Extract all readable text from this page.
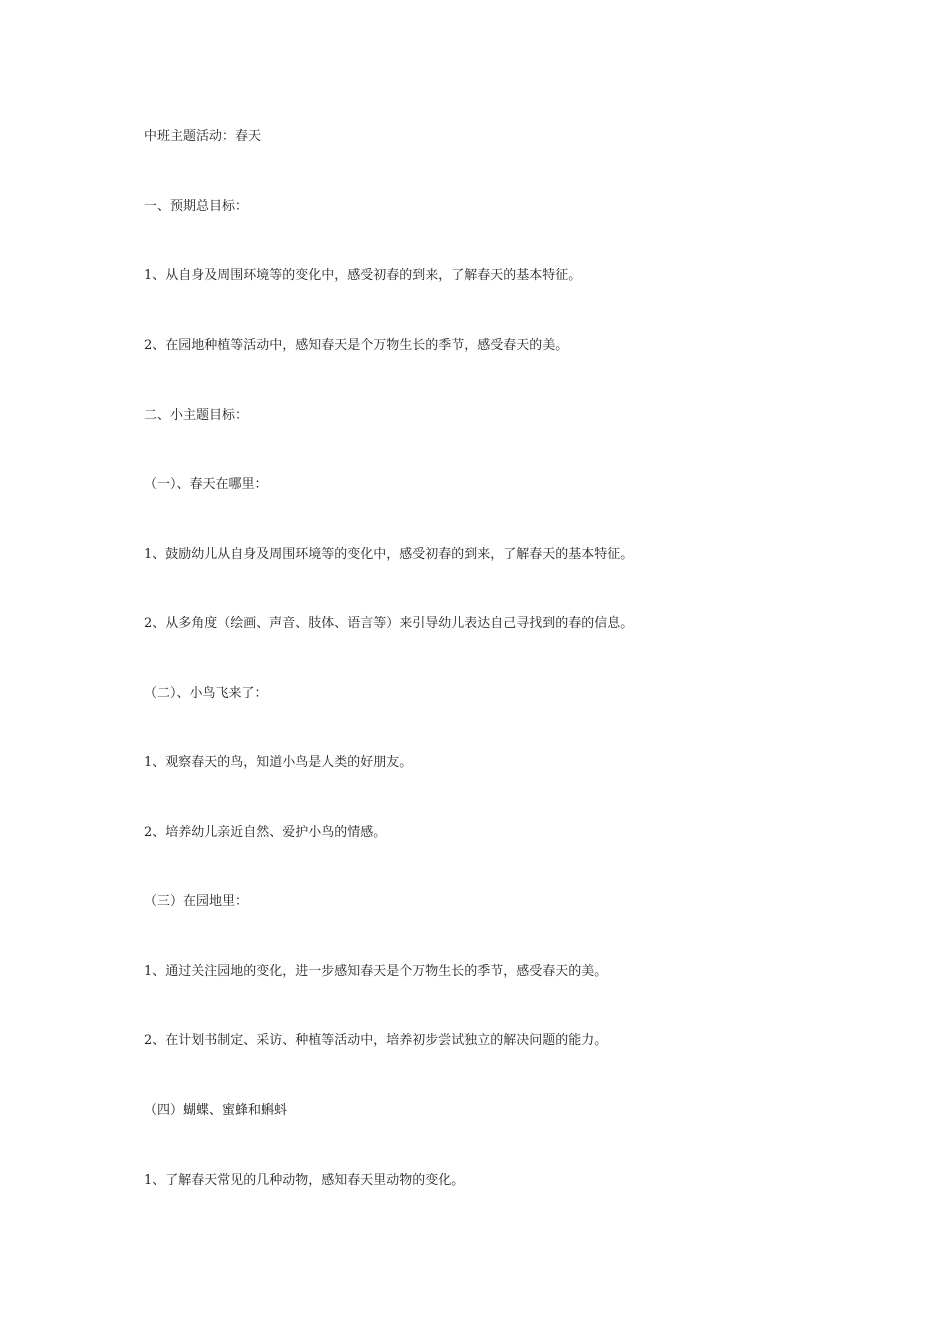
中班主题活动：春天
一、预期总目标：
1、从自身及周围环境等的变化中，感受初春的到来，了解春天的基本特征。
2、在园地种植等活动中，感知春天是个万物生长的季节，感受春天的美。
二、小主题目标：
（一）、春天在哪里：
1、鼓励幼儿从自身及周围环境等的变化中，感受初春的到来，了解春天的基本特征。
2、从多角度（绘画、声音、肢体、语言等）来引导幼儿表达自己寻找到的春的信息。
（二）、小鸟飞来了：
1、观察春天的鸟，知道小鸟是人类的好朋友。
2、培养幼儿亲近自然、爱护小鸟的情感。
（三）在园地里：
1、通过关注园地的变化，进一步感知春天是个万物生长的季节，感受春天的美。
2、在计划书制定、采访、种植等活动中，培养初步尝试独立的解决问题的能力。
（四）蝴蝶、蜜蜂和蝌蚪
1、了解春天常见的几种动物，感知春天里动物的变化。
